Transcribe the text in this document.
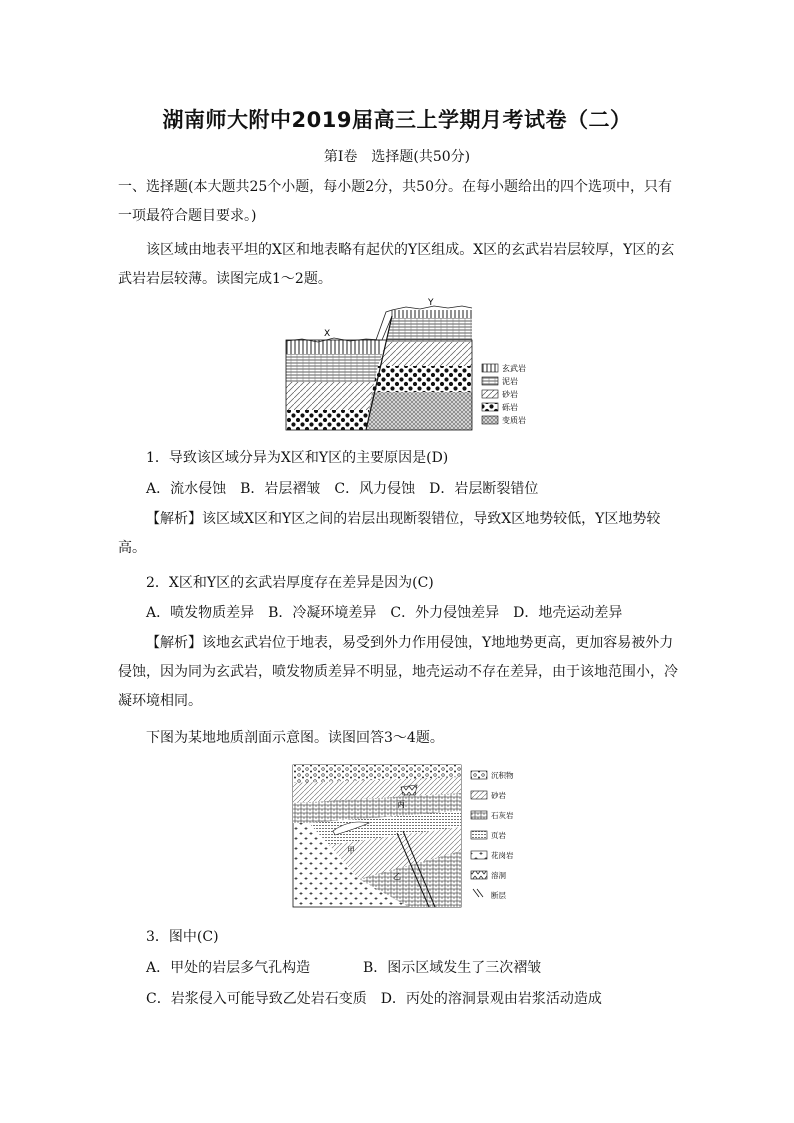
湖南师大附中2019届高三上学期月考试卷（二）
第Ⅰ卷　选择题(共50分)
一、选择题(本大题共25个小题，每小题2分，共50分。在每小题给出的四个选项中，只有一项最符合题目要求。)
该区域由地表平坦的X区和地表略有起伏的Y区组成。X区的玄武岩岩层较厚，Y区的玄武岩岩层较薄。读图完成1～2题。
X
Y
玄武岩
泥岩
砂岩
砾岩
变质岩
1．导致该区域分异为X区和Y区的主要原因是(D)
A．流水侵蚀　B．岩层褶皱　C．风力侵蚀　D．岩层断裂错位
【解析】该区域X区和Y区之间的岩层出现断裂错位，导致X区地势较低，Y区地势较高。
2．X区和Y区的玄武岩厚度存在差异是因为(C)
A．喷发物质差异　B．冷凝环境差异　C．外力侵蚀差异　D．地壳运动差异
【解析】该地玄武岩位于地表，易受到外力作用侵蚀，Y地地势更高，更加容易被外力侵蚀，因为同为玄武岩，喷发物质差异不明显，地壳运动不存在差异，由于该地范围小，冷凝环境相同。
下图为某地地质剖面示意图。读图回答3～4题。
丙
甲
乙
沉积物
砂岩
石灰岩
页岩
花岗岩
溶洞
断层
3．图中(C)
A．甲处的岩层多气孔构造	B．图示区域发生了三次褶皱
C．岩浆侵入可能导致乙处岩石变质　D．丙处的溶洞景观由岩浆活动造成
